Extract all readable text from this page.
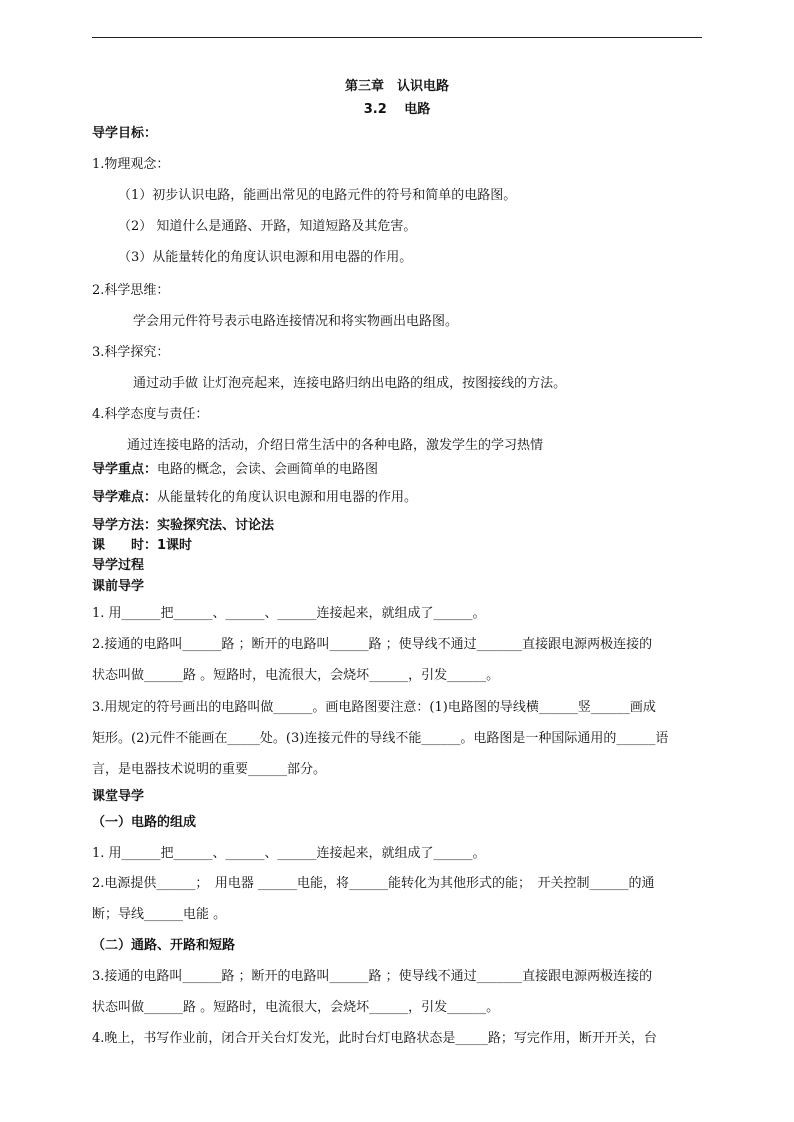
第三章　认识电路
3.2　 电路
导学目标：
1.物理观念：
（1）初步认识电路，能画出常见的电路元件的符号和简单的电路图。
（2） 知道什么是通路、开路，知道短路及其危害。
（3）从能量转化的角度认识电源和用电器的作用。
2.科学思维：
学会用元件符号表示电路连接情况和将实物画出电路图。
3.科学探究：
通过动手做 让灯泡亮起来，连接电路归纳出电路的组成，按图接线的方法。
4.科学态度与责任：
通过连接电路的活动，介绍日常生活中的各种电路，激发学生的学习热情
导学重点：电路的概念，会读、会画简单的电路图
导学难点：从能量转化的角度认识电源和用电器的作用。
导学方法：实验探究法、讨论法
课　　时：1课时
导学过程
课前导学
1. 用______把______、______、______连接起来，就组成了______。
2.接通的电路叫______路 ；断开的电路叫______路 ；使导线不通过_______直接跟电源两极连接的
状态叫做______路 。短路时，电流很大，会烧坏______，引发______。
3.用规定的符号画出的电路叫做______。画电路图要注意：(1)电路图的导线横______竖______画成
矩形。(2)元件不能画在_____处。(3)连接元件的导线不能______。电路图是一种国际通用的______语
言，是电器技术说明的重要______部分。
课堂导学
（一）电路的组成
1. 用______把______、______、______连接起来，就组成了______。
2.电源提供______；　用电器 ______电能，将______能转化为其他形式的能；　开关控制______的通
断；导线______电能 。
（二）通路、开路和短路
3.接通的电路叫______路 ；断开的电路叫______路 ；使导线不通过_______直接跟电源两极连接的
状态叫做______路 。短路时，电流很大，会烧坏______，引发______。
4.晚上，书写作业前，闭合开关台灯发光，此时台灯电路状态是_____路；写完作用，断开开关，台
